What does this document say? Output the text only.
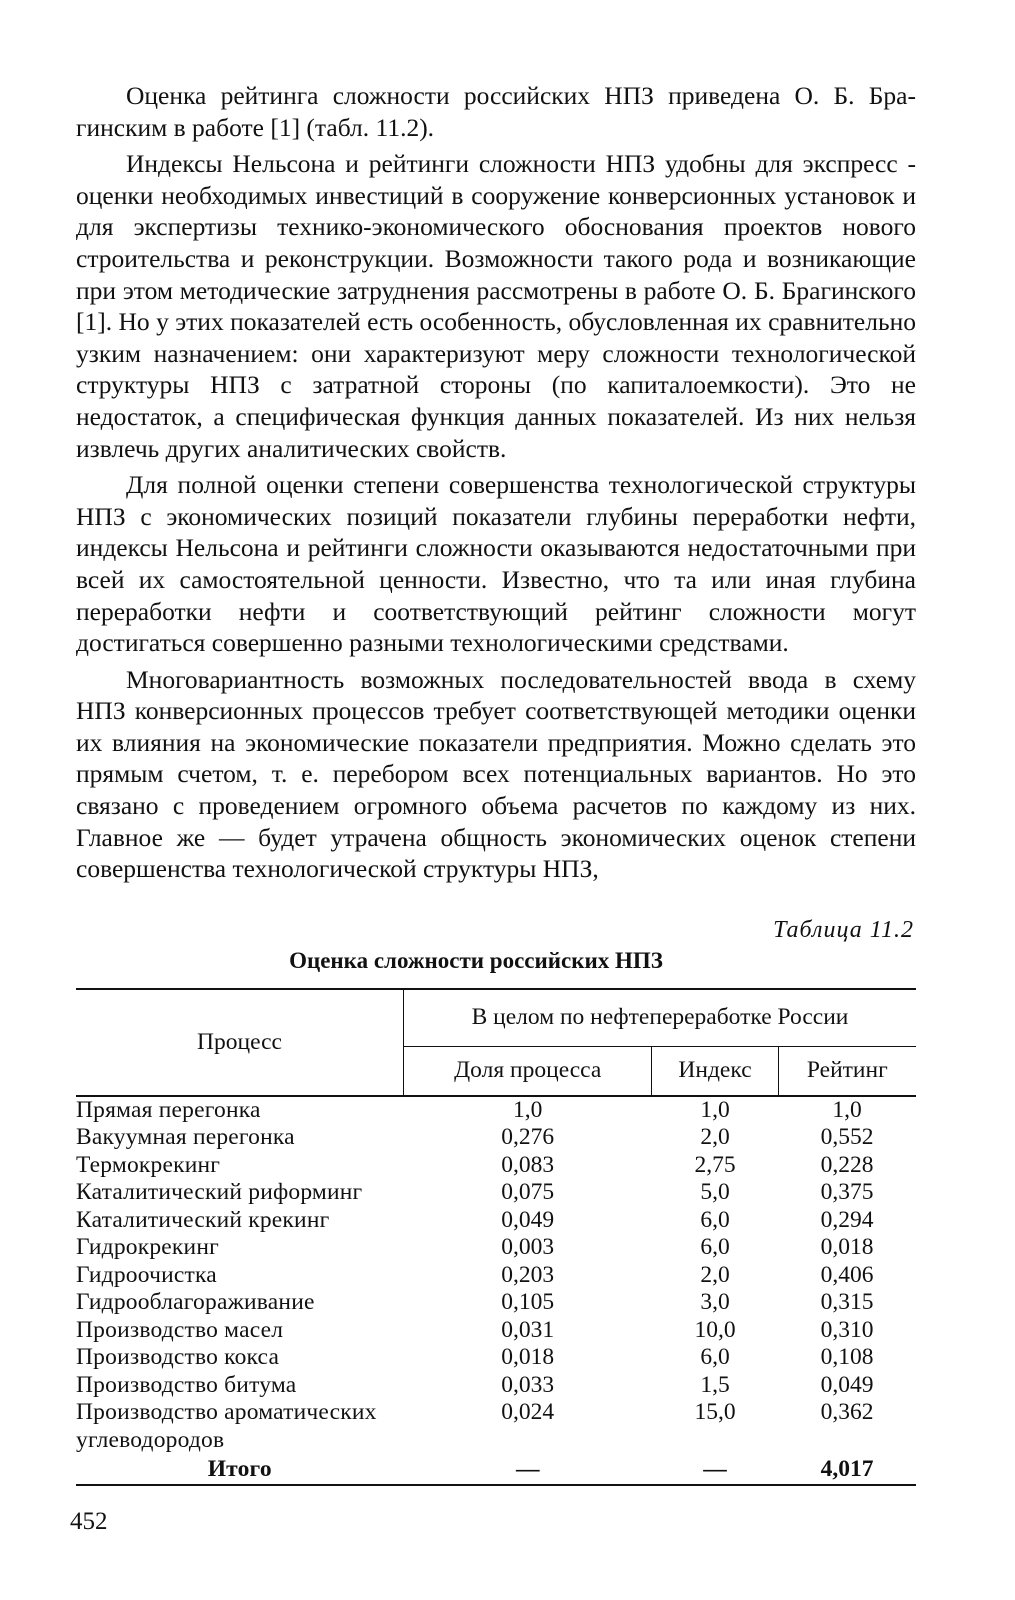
Оценка рейтинга сложности российских НПЗ приведена О. Б. Брагинским в работе [1] (табл. 11.2).

Индексы Нельсона и рейтинги сложности НПЗ удобны для экспресс - оценки необходимых инвестиций в сооружение конверсионных установок и для экспертизы технико-экономического обоснования проектов нового строительства и реконструкции. Возможности такого рода и возникающие при этом методические затруднения рассмотрены в работе О. Б. Брагинского [1]. Но у этих показателей есть особенность, обусловленная их сравнительно узким назначением: они характеризуют меру сложности технологической структуры НПЗ с затратной стороны (по капиталоемкости). Это не недостаток, а специфическая функция данных показателей. Из них нельзя извлечь других аналитических свойств.

Для полной оценки степени совершенства технологической структуры НПЗ с экономических позиций показатели глубины переработки нефти, индексы Нельсона и рейтинги сложности оказываются недостаточными при всей их самостоятельной ценности. Известно, что та или иная глубина переработки нефти и соответствующий рейтинг сложности могут достигаться совершенно разными технологическими средствами.

Многовариантность возможных последовательностей ввода в схему НПЗ конверсионных процессов требует соответствующей методики оценки их влияния на экономические показатели предприятия. Можно сделать это прямым счетом, т. е. перебором всех потенциальных вариантов. Но это связано с проведением огромного объема расчетов по каждому из них. Главное же — будет утрачена общность экономических оценок степени совершенства технологической структуры НПЗ,

Таблица 11.2
Оценка сложности российских НПЗ
Процесс	В целом по нефтепереработке России		
	Доля процесса	Индекс	Рейтинг
Прямая перегонка	1,0	1,0	1,0
Вакуумная перегонка	0,276	2,0	0,552
Термокрекинг	0,083	2,75	0,228
Каталитический риформинг	0,075	5,0	0,375
Каталитический крекинг	0,049	6,0	0,294
Гидрокрекинг	0,003	6,0	0,018
Гидроочистка	0,203	2,0	0,406
Гидрооблагораживание	0,105	3,0	0,315
Производство масел	0,031	10,0	0,310
Производство кокса	0,018	6,0	0,108
Производство битума	0,033	1,5	0,049
Производство ароматических углеводородов	0,024	15,0	0,362
Итого	—	—	4,017
452
